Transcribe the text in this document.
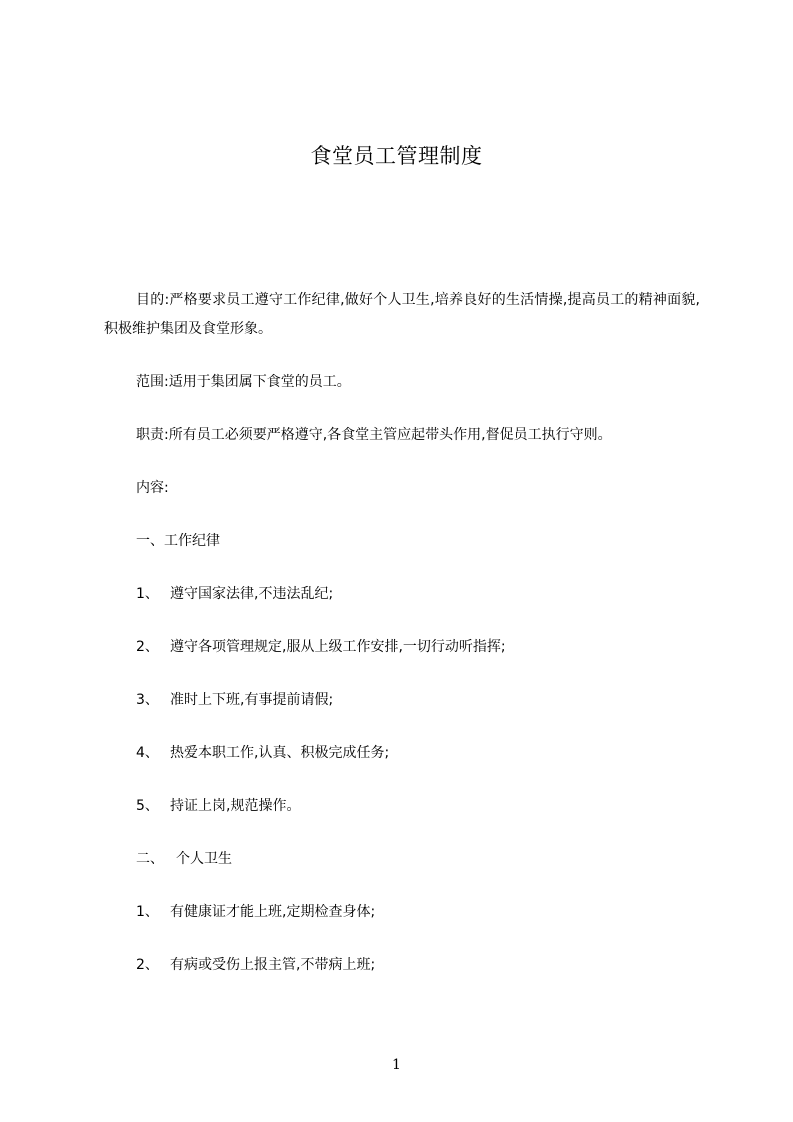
食堂员工管理制度

目的:严格要求员工遵守工作纪律,做好个人卫生,培养良好的生活情操,提高员工的精神面貌,积极维护集团及食堂形象。

范围:适用于集团属下食堂的员工。
职责:所有员工必须要严格遵守,各食堂主管应起带头作用,督促员工执行守则。
内容:
一、工作纪律
1、 遵守国家法律,不违法乱纪;
2、 遵守各项管理规定,服从上级工作安排,一切行动听指挥;
3、 准时上下班,有事提前请假;
4、 热爱本职工作,认真、积极完成任务;
5、 持证上岗,规范操作。
二、 个人卫生
1、 有健康证才能上班,定期检查身体;
2、 有病或受伤上报主管,不带病上班;
1
